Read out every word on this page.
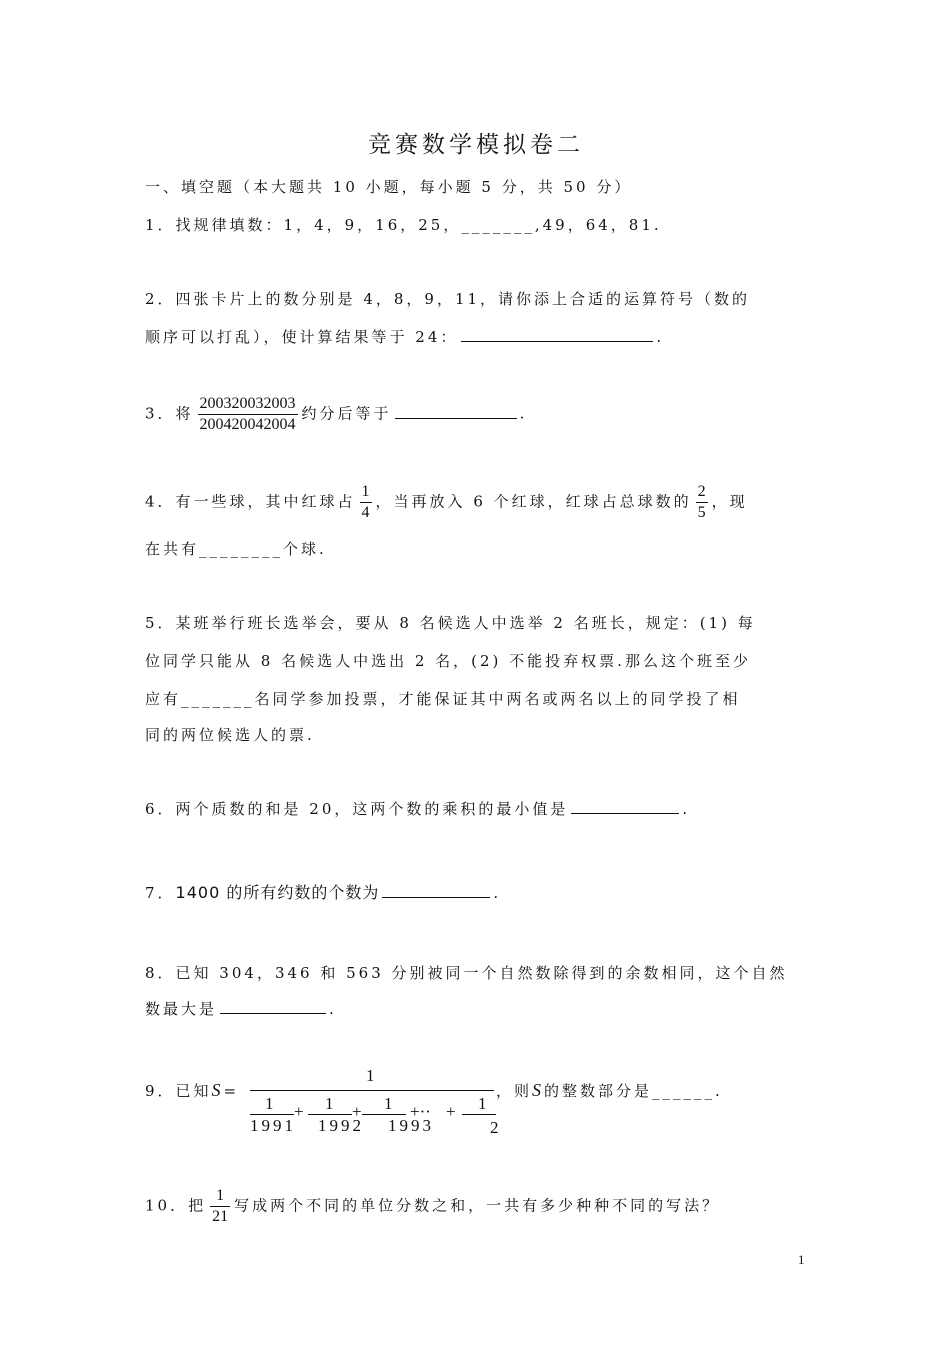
竞赛数学模拟卷二
一、填空题（本大题共 10 小题，每小题 5 分，共 50 分）
1．找规律填数：1，4，9，16，25，_______,49，64，81.
2．四张卡片上的数分别是 4，8，9，11，请你添上合适的运算符号（数的
顺序可以打乱），使计算结果等于 24：	.
3．将 $\frac{200320032003}{200420042004}$ 约分后等于	.
4．有一些球，其中红球占 $\frac{1}{4}$ ，当再放入 6 个红球，红球占总球数的 $\frac{2}{5}$ ，现
在共有________个球.
5．某班举行班长选举会，要从 8 名候选人中选举 2 名班长，规定：(1) 每
位同学只能从 8 名候选人中选出 2 名，(2) 不能投弃权票.那么这个班至少
应有_______名同学参加投票，才能保证其中两名或两名以上的同学投了相
同的两位候选人的票.
6．两个质数的和是 20，这两个数的乘积的最小值是	.
7．1400 的所有约数的个数为	.
8．已知 304，346 和 563 分别被同一个自然数除得到的余数相同，这个自然
数最大是	.
9．已知S=
1
1
1991
+ 1
1992
+ 1
1993
+·· + 1
2
，则S的整数部分是______.
10．把 $\frac{1}{21}$ 写成两个不同的单位分数之和，一共有多少种种不同的写法？
1
